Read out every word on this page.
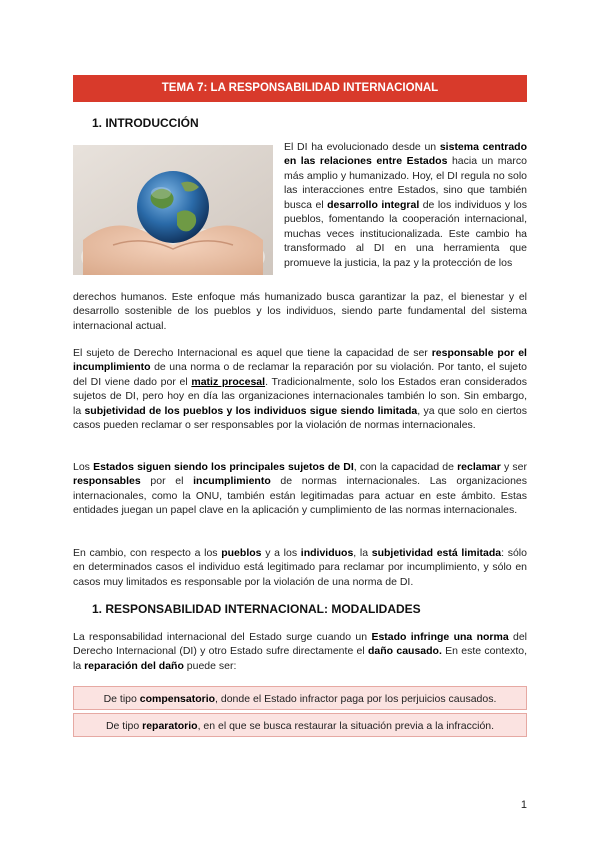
TEMA 7: LA RESPONSABILIDAD INTERNACIONAL
1. INTRODUCCIÓN

El DI ha evolucionado desde un sistema centrado en las relaciones entre Estados hacia un marco más amplio y humanizado. Hoy, el DI regula no solo las interacciones entre Estados, sino que también busca el desarrollo integral de los individuos y los pueblos, fomentando la cooperación internacional, muchas veces institucionalizada. Este cambio ha transformado al DI en una herramienta que promueve la justicia, la paz y la protección de los

derechos humanos. Este enfoque más humanizado busca garantizar la paz, el bienestar y el desarrollo sostenible de los pueblos y los individuos, siendo parte fundamental del sistema internacional actual.

El sujeto de Derecho Internacional es aquel que tiene la capacidad de ser responsable por el incumplimiento de una norma o de reclamar la reparación por su violación. Por tanto, el sujeto del DI viene dado por el matiz procesal. Tradicionalmente, solo los Estados eran considerados sujetos de DI, pero hoy en día las organizaciones internacionales también lo son. Sin embargo, la subjetividad de los pueblos y los individuos sigue siendo limitada, ya que solo en ciertos casos pueden reclamar o ser responsables por la violación de normas internacionales.

Los Estados siguen siendo los principales sujetos de DI, con la capacidad de reclamar y ser responsables por el incumplimiento de normas internacionales. Las organizaciones internacionales, como la ONU, también están legitimadas para actuar en este ámbito. Estas entidades juegan un papel clave en la aplicación y cumplimiento de las normas internacionales.

En cambio, con respecto a los pueblos y a los individuos, la subjetividad está limitada: sólo en determinados casos el individuo está legitimado para reclamar por incumplimiento, y sólo en casos muy limitados es responsable por la violación de una norma de DI.

1. RESPONSABILIDAD INTERNACIONAL: MODALIDADES

La responsabilidad internacional del Estado surge cuando un Estado infringe una norma del Derecho Internacional (DI) y otro Estado sufre directamente el daño causado. En este contexto, la reparación del daño puede ser:

De tipo compensatorio, donde el Estado infractor paga por los perjuicios causados.
De tipo reparatorio, en el que se busca restaurar la situación previa a la infracción.
1
